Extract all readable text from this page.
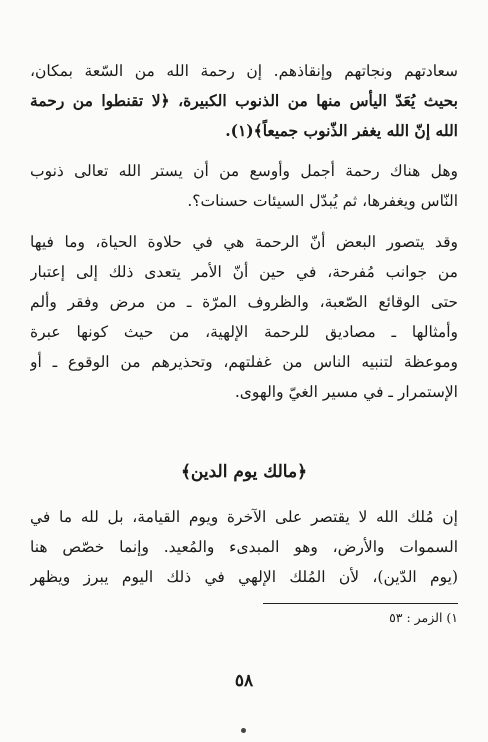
سعادتهم ونجاتهم وإنقاذهم. إن رحمة الله من السّعة بمكان،
بحيث يُعَدّ اليأس منها من الذنوب الكبيرة، ﴿لا تقنطوا من رحمة
الله إنّ الله يغفر الذّنوب جميعاً﴾(١).
وهل هناك رحمة أجمل وأوسع من أن يستر الله تعالى ذنوب
النّاس ويغفرها، ثم يُبدّل السيئات حسنات؟.
وقد يتصور البعض أنّ الرحمة هي في حلاوة الحياة، وما فيها
من جوانب مُفرحة، في حين أنّ الأمر يتعدى ذلك إلى إعتبار
حتى الوقائع الصّعبة، والظروف المرّة ـ من مرض وفقر وألم
وأمثالها ـ مصاديق للرحمة الإلهية، من حيث كونها عبرة
وموعظة لتنبيه الناس من غفلتهم، وتحذيرهم من الوقوع ـ أو
الإستمرار ـ في مسير الغيّ والهوى.
﴿مالك يوم الدين﴾
إن مُلك الله لا يقتصر على الآخرة ويوم القيامة، بل لله ما في
السموات والأرض، وهو المبدىء والمُعيد. وإنما خصّص هنا
(يوم الدّين)، لأن المُلك الإلهي في ذلك اليوم يبرز ويظهر
١) الزمر : ٥٣
٥٨
